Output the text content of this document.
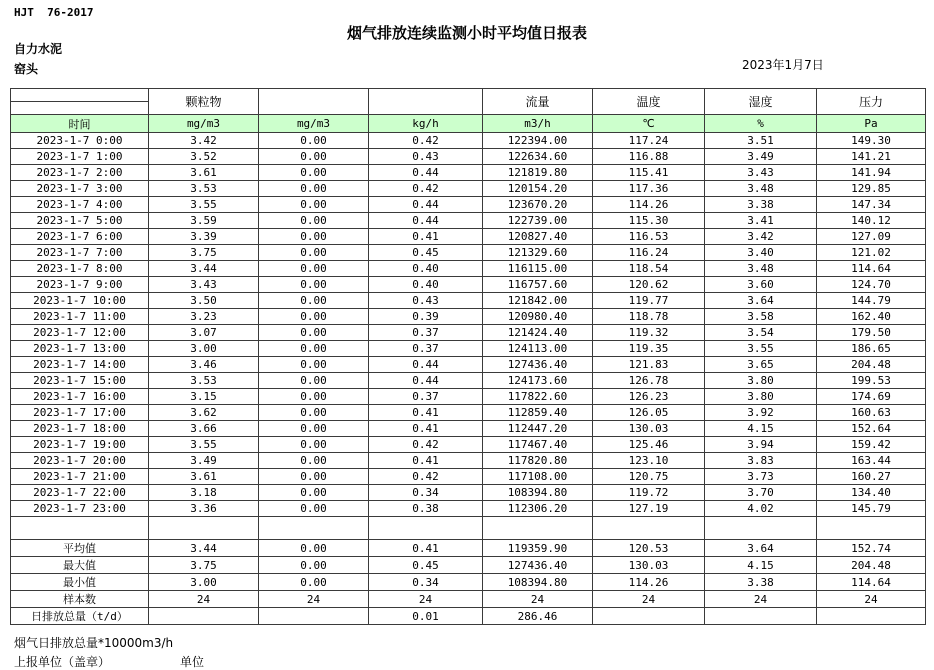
HJT  76-2017
烟气排放连续监测小时平均值日报表
自力水泥
窑头	2023年1月7日
	颗粒物			流量	温度	湿度	压力

时间	mg/m3	mg/m3	kg/h	m3/h	℃	%	Pa
2023-1-7 0:00	3.42	0.00	0.42	122394.00	117.24	3.51	149.30
2023-1-7 1:00	3.52	0.00	0.43	122634.60	116.88	3.49	141.21
2023-1-7 2:00	3.61	0.00	0.44	121819.80	115.41	3.43	141.94
2023-1-7 3:00	3.53	0.00	0.42	120154.20	117.36	3.48	129.85
2023-1-7 4:00	3.55	0.00	0.44	123670.20	114.26	3.38	147.34
2023-1-7 5:00	3.59	0.00	0.44	122739.00	115.30	3.41	140.12
2023-1-7 6:00	3.39	0.00	0.41	120827.40	116.53	3.42	127.09
2023-1-7 7:00	3.75	0.00	0.45	121329.60	116.24	3.40	121.02
2023-1-7 8:00	3.44	0.00	0.40	116115.00	118.54	3.48	114.64
2023-1-7 9:00	3.43	0.00	0.40	116757.60	120.62	3.60	124.70
2023-1-7 10:00	3.50	0.00	0.43	121842.00	119.77	3.64	144.79
2023-1-7 11:00	3.23	0.00	0.39	120980.40	118.78	3.58	162.40
2023-1-7 12:00	3.07	0.00	0.37	121424.40	119.32	3.54	179.50
2023-1-7 13:00	3.00	0.00	0.37	124113.00	119.35	3.55	186.65
2023-1-7 14:00	3.46	0.00	0.44	127436.40	121.83	3.65	204.48
2023-1-7 15:00	3.53	0.00	0.44	124173.60	126.78	3.80	199.53
2023-1-7 16:00	3.15	0.00	0.37	117822.60	126.23	3.80	174.69
2023-1-7 17:00	3.62	0.00	0.41	112859.40	126.05	3.92	160.63
2023-1-7 18:00	3.66	0.00	0.41	112447.20	130.03	4.15	152.64
2023-1-7 19:00	3.55	0.00	0.42	117467.40	125.46	3.94	159.42
2023-1-7 20:00	3.49	0.00	0.41	117820.80	123.10	3.83	163.44
2023-1-7 21:00	3.61	0.00	0.42	117108.00	120.75	3.73	160.27
2023-1-7 22:00	3.18	0.00	0.34	108394.80	119.72	3.70	134.40
2023-1-7 23:00	3.36	0.00	0.38	112306.20	127.19	4.02	145.79

平均值	3.44	0.00	0.41	119359.90	120.53	3.64	152.74
最大值	3.75	0.00	0.45	127436.40	130.03	4.15	204.48
最小值	3.00	0.00	0.34	108394.80	114.26	3.38	114.64
样本数	24	24	24	24	24	24	24
日排放总量（t/d）			0.01	286.46			
烟气日排放总量*10000m3/h
上报单位（盖章）	单位
